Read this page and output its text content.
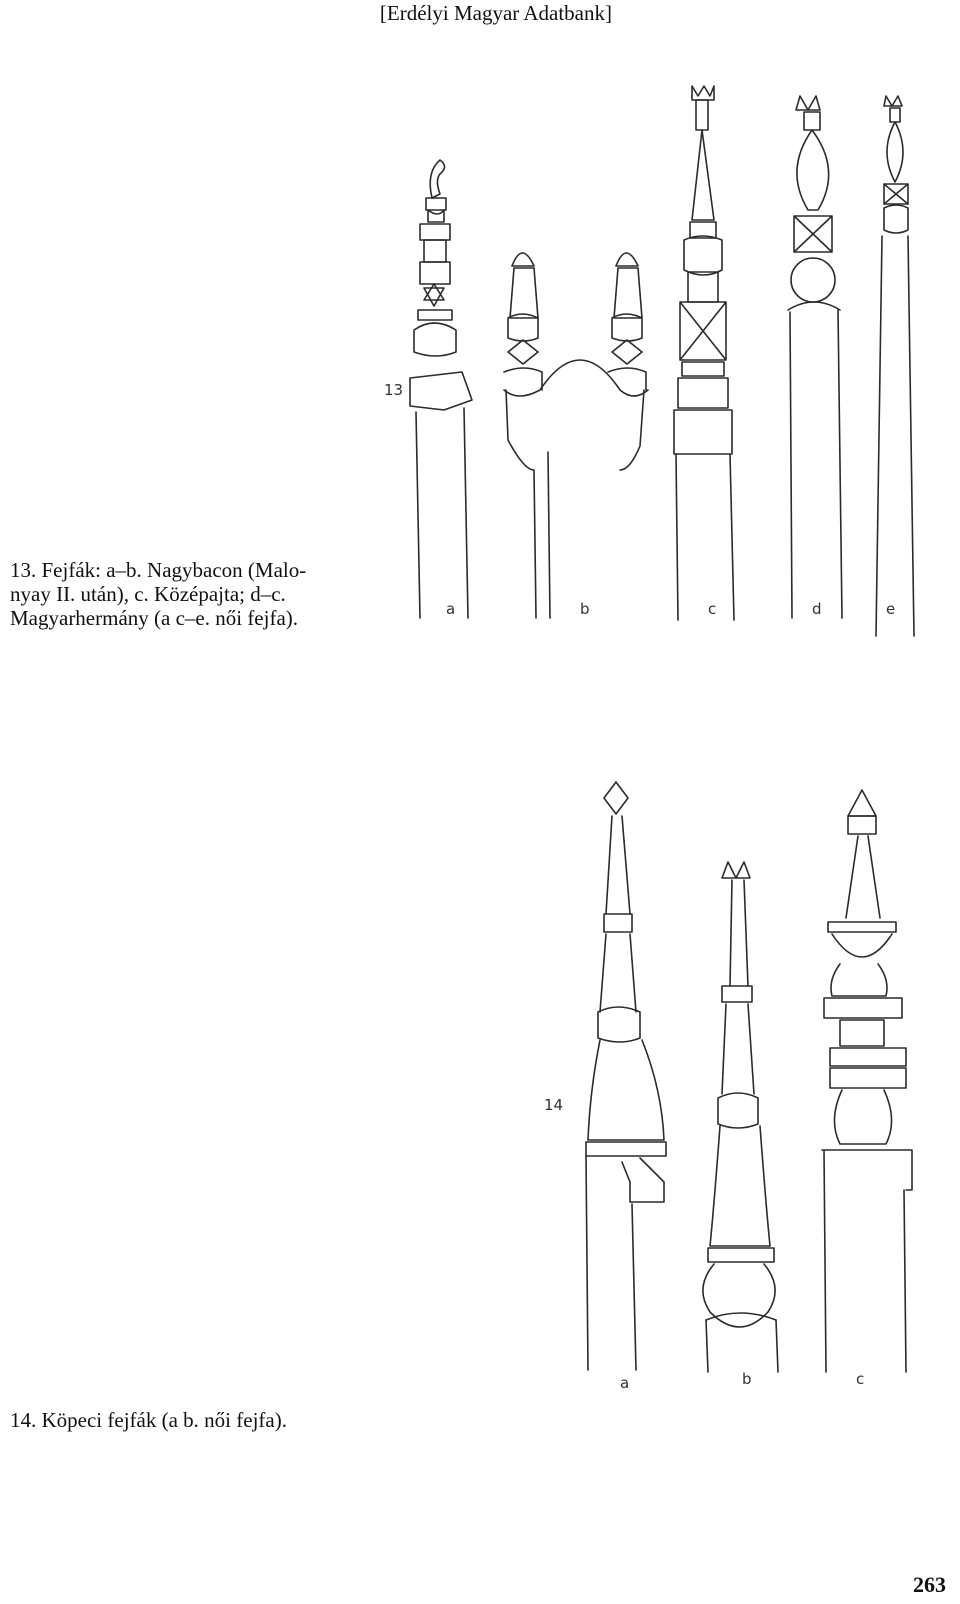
[Erdélyi Magyar Adatbank]
13
a	b	c	d	e
14
a	b	c
13. Fejfák: a–b. Nagybacon (Malo-
nyay II. után), c. Középajta; d–c.
Magyarhermány (a c–e. női fejfa).
14. Köpeci fejfák (a b. női fejfa).
263
